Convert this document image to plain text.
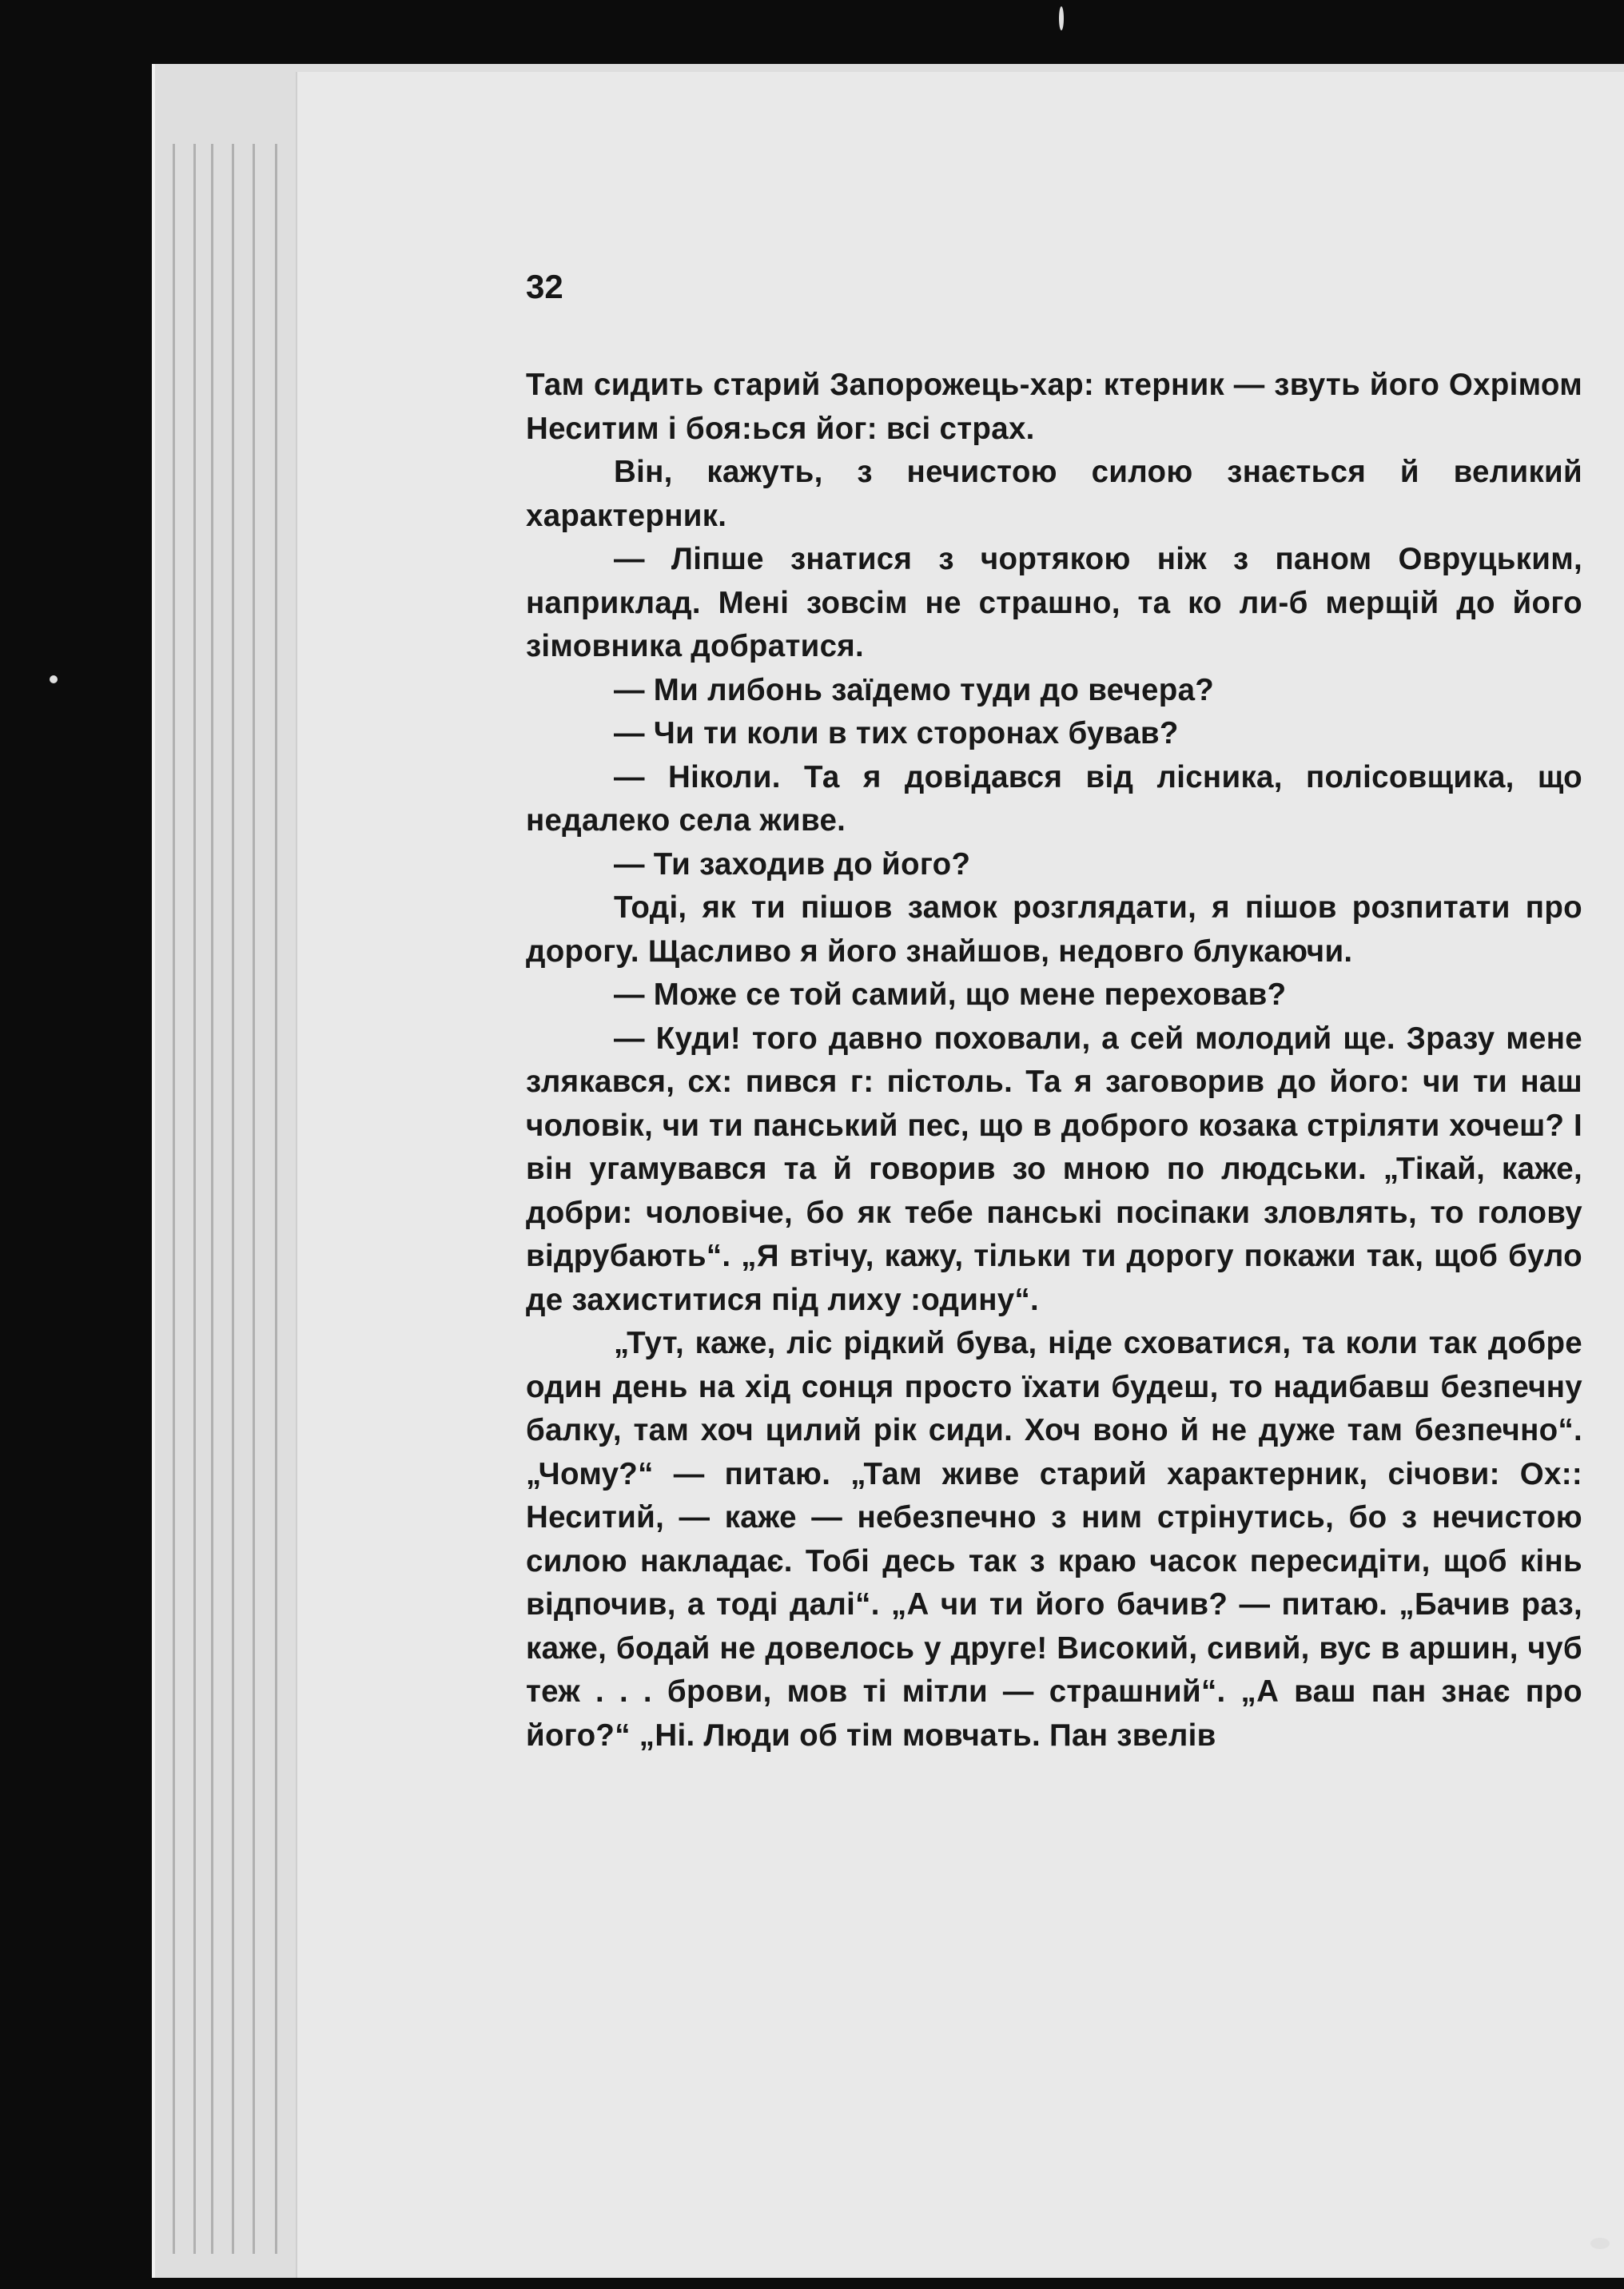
32

Там сидить старий Запорожець-хар: ктерник — звуть його Охрімом Неситим і боя:ься йог: всі страх.

Він, кажуть, з нечистою силою знається й великий характерник.

— Ліпше знатися з чортякою ніж з паном Овруцьким, наприклад. Мені зовсім не страшно, та ко ли-б мерщій до його зімовника добратися.

— Ми либонь заїдемо туди до вечера?

— Чи ти коли в тих сторонах бував?

— Ніколи. Та я довідався від лісника, полісовщика, що недалеко села живе.

— Ти заходив до його?

Тоді, як ти пішов замок розглядати, я пішов розпитати про дорогу. Щасливо я його знайшов, недовго блукаючи.

— Може се той самий, що мене переховав?

— Куди! того давно поховали, а сей молодий ще. Зразу мене злякався, сх: пився г: пістоль. Та я заговорив до його: чи ти наш чоловік, чи ти панський пес, що в доброго козака стріляти хочеш? І він угамувався та й говорив зо мною по людськи. „Тікай, каже, добри: чоловіче, бо як тебе панські посіпаки зловлять, то голову відрубають“. „Я втічу, кажу, тільки ти дорогу покажи так, щоб було де захиститися під лиху :одину“.

„Тут, каже, ліс рідкий бува, ніде сховатися, та коли так добре один день на хід сонця просто їхати будеш, то надибавш безпечну балку, там хоч цилий рік сиди. Хоч воно й не дуже там безпечно“. „Чому?“ — питаю. „Там живе старий характерник, січови: Ох:: Неситий, — каже — небезпечно з ним стрінутись, бо з нечистою силою накладає. Тобі десь так з краю часок пересидіти, щоб кінь відпочив, а тоді далі“. „А чи ти його бачив? — питаю. „Бачив раз, каже, бодай не довелось у друге! Високий, сивий, вус в аршин, чуб теж . . . брови, мов ті мітли — страшний“. „А ваш пан знає про його?“ „Ні. Люди об тім мовчать. Пан звелів
